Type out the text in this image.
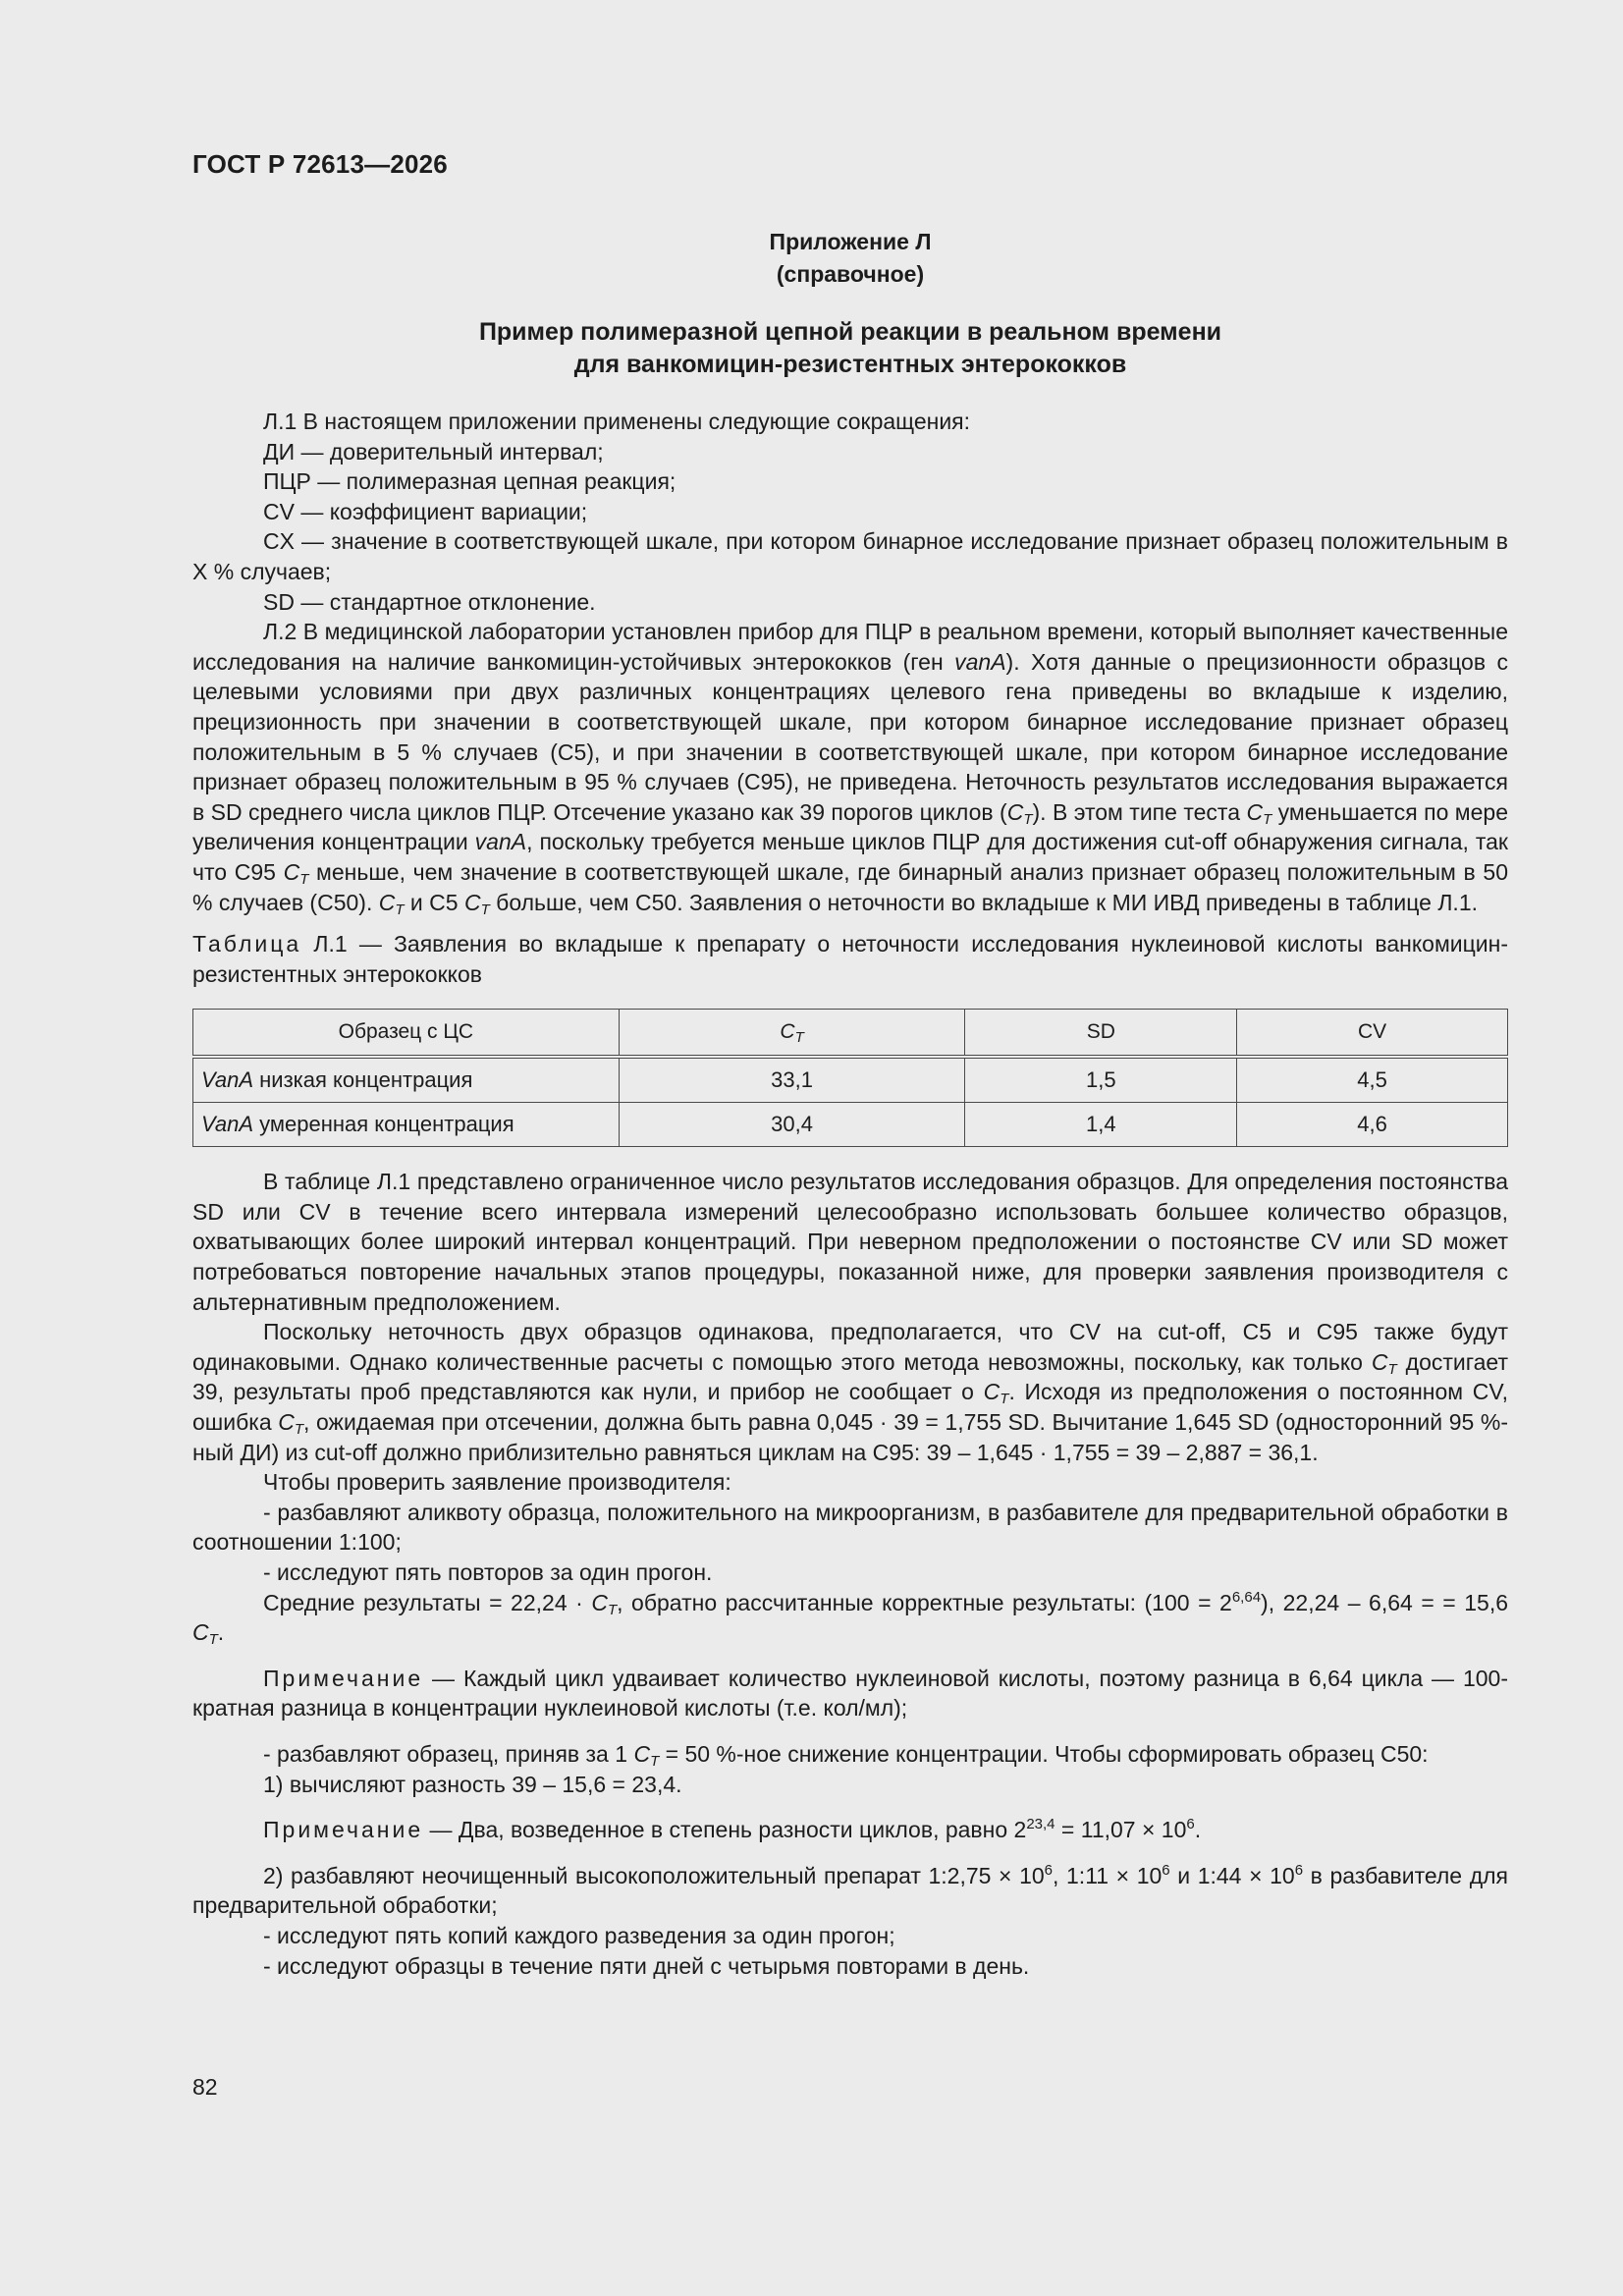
ГОСТ Р 72613—2026
Приложение Л
(справочное)
Пример полимеразной цепной реакции в реальном времени
для ванкомицин-резистентных энтерококков

Л.1 В настоящем приложении применены следующие сокращения:

ДИ — доверительный интервал;

ПЦР — полимеразная цепная реакция;

CV — коэффициент вариации;

CX — значение в соответствующей шкале, при котором бинарное исследование признает образец положительным в X % случаев;

SD — стандартное отклонение.

Л.2 В медицинской лаборатории установлен прибор для ПЦР в реальном времени, который выполняет качественные исследования на наличие ванкомицин-устойчивых энтерококков (ген vanA). Хотя данные о прецизионности образцов с целевыми условиями при двух различных концентрациях целевого гена приведены во вкладыше к изделию, прецизионность при значении в соответствующей шкале, при котором бинарное исследование признает образец положительным в 5 % случаев (C5), и при значении в соответствующей шкале, при котором бинарное исследование признает образец положительным в 95 % случаев (C95), не приведена. Неточность результатов исследования выражается в SD среднего числа циклов ПЦР. Отсечение указано как 39 порогов циклов $(C_T)$. В этом типе теста $C_T$ уменьшается по мере увеличения концентрации vanA, поскольку требуется меньше циклов ПЦР для достижения cut-off обнаружения сигнала, так что C95 $C_T$ меньше, чем значение в соответствующей шкале, где бинарный анализ признает образец положительным в 50 % случаев (C50). $C_T$ и C5 $C_T$ больше, чем C50. Заявления о неточности во вкладыше к МИ ИВД приведены в таблице Л.1.

Таблица Л.1 — Заявления во вкладыше к препарату о неточности исследования нуклеиновой кислоты ванкомицин-резистентных энтерококков

Образец с ЦС	$C_T$	SD	CV
VanA низкая концентрация	33,1	1,5	4,5
VanA умеренная концентрация	30,4	1,4	4,6

В таблице Л.1 представлено ограниченное число результатов исследования образцов. Для определения постоянства SD или CV в течение всего интервала измерений целесообразно использовать большее количество образцов, охватывающих более широкий интервал концентраций. При неверном предположении о постоянстве CV или SD может потребоваться повторение начальных этапов процедуры, показанной ниже, для проверки заявления производителя с альтернативным предположением.

Поскольку неточность двух образцов одинакова, предполагается, что CV на cut-off, C5 и C95 также будут одинаковыми. Однако количественные расчеты с помощью этого метода невозможны, поскольку, как только $C_T$ достигает 39, результаты проб представляются как нули, и прибор не сообщает о $C_T$. Исходя из предположения о постоянном CV, ошибка $C_T$, ожидаемая при отсечении, должна быть равна 0,045 · 39 = 1,755 SD. Вычитание 1,645 SD (односторонний 95 %-ный ДИ) из cut-off должно приблизительно равняться циклам на C95: 39 – 1,645 · 1,755 = 39 – 2,887 = 36,1.

Чтобы проверить заявление производителя:

- разбавляют аликвоту образца, положительного на микроорганизм, в разбавителе для предварительной обработки в соотношении 1:100;

- исследуют пять повторов за один прогон.

Средние результаты = $22,24 \cdot C_T$, обратно рассчитанные корректные результаты: $(100 = 2^{6,64})$, 22,24 – 6,64 = = 15,6 $C_T$.

Примечание — Каждый цикл удваивает количество нуклеиновой кислоты, поэтому разница в 6,64 цикла — 100-кратная разница в концентрации нуклеиновой кислоты (т.е. кол/мл);

- разбавляют образец, приняв за 1 $C_T = 50$ %-ное снижение концентрации. Чтобы сформировать образец C50:

1) вычисляют разность 39 – 15,6 = 23,4.

Примечание — Два, возведенное в степень разности циклов, равно $2^{23,4} = 11,07 \times 10^6$.

2) разбавляют неочищенный высокоположительный препарат 1:2,75 × $10^6$, 1:11 × $10^6$ и 1:44 × $10^6$ в разбавителе для предварительной обработки;

- исследуют пять копий каждого разведения за один прогон;

- исследуют образцы в течение пяти дней с четырьмя повторами в день.

82
